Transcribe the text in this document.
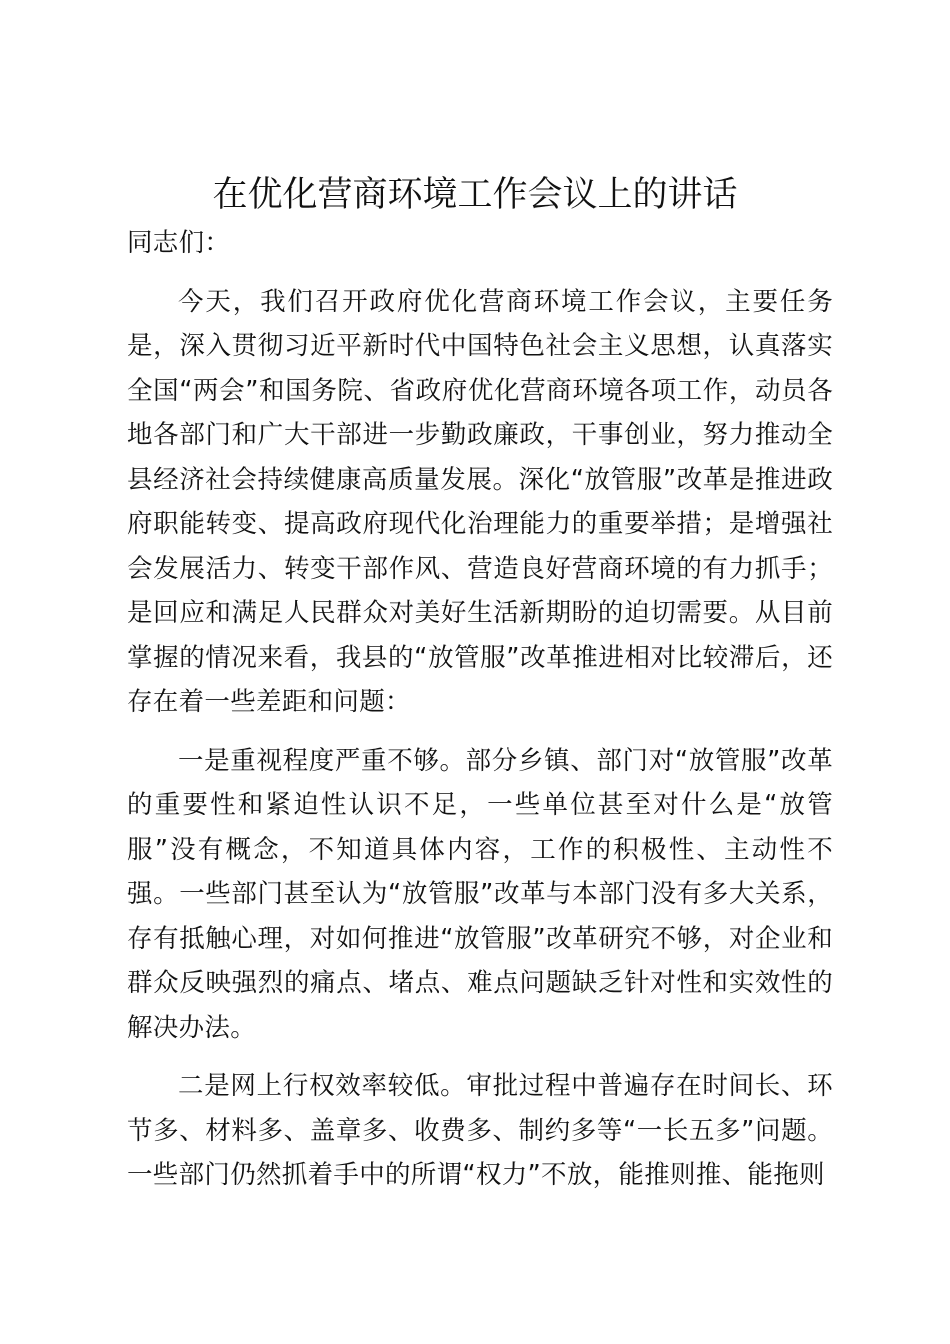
在优化营商环境工作会议上的讲话

同志们：

今天，我们召开政府优化营商环境工作会议，主要任务是，深入贯彻习近平新时代中国特色社会主义思想，认真落实全国“两会”和国务院、省政府优化营商环境各项工作，动员各地各部门和广大干部进一步勤政廉政，干事创业，努力推动全县经济社会持续健康高质量发展。深化“放管服”改革是推进政府职能转变、提高政府现代化治理能力的重要举措；是增强社会发展活力、转变干部作风、营造良好营商环境的有力抓手；是回应和满足人民群众对美好生活新期盼的迫切需要。从目前掌握的情况来看，我县的“放管服”改革推进相对比较滞后，还存在着一些差距和问题：

一是重视程度严重不够。部分乡镇、部门对“放管服”改革的重要性和紧迫性认识不足，一些单位甚至对什么是“放管服”没有概念，不知道具体内容，工作的积极性、主动性不强。一些部门甚至认为“放管服”改革与本部门没有多大关系，存有抵触心理，对如何推进“放管服”改革研究不够，对企业和群众反映强烈的痛点、堵点、难点问题缺乏针对性和实效性的解决办法。

二是网上行权效率较低。审批过程中普遍存在时间长、环节多、材料多、盖章多、收费多、制约多等“一长五多”问题。一些部门仍然抓着手中的所谓“权力”不放，能推则推、能拖则
